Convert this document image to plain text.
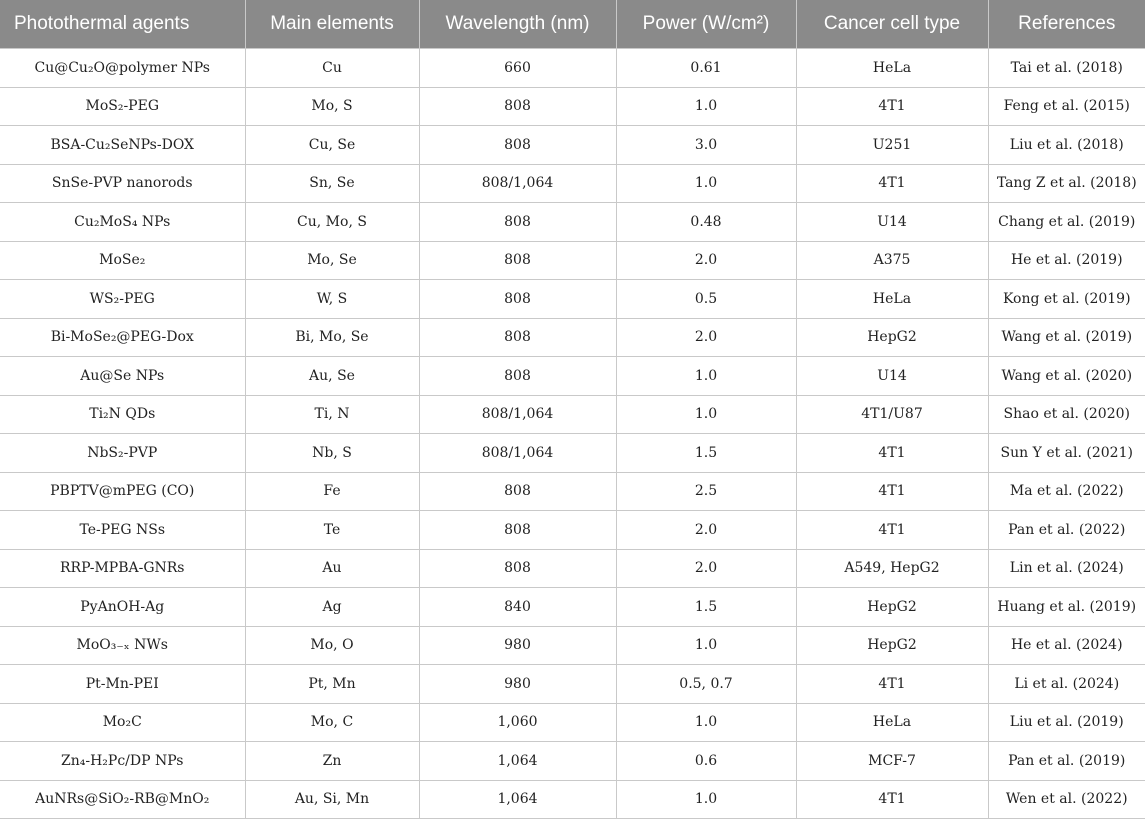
Photothermal agents	Main elements	Wavelength (nm)	Power (W/cm²)	Cancer cell type	References
Cu@Cu₂O@polymer NPs	Cu	660	0.61	HeLa	Tai et al. (2018)
MoS₂-PEG	Mo, S	808	1.0	4T1	Feng et al. (2015)
BSA-Cu₂SeNPs-DOX	Cu, Se	808	3.0	U251	Liu et al. (2018)
SnSe-PVP nanorods	Sn, Se	808/1,064	1.0	4T1	Tang Z et al. (2018)
Cu₂MoS₄ NPs	Cu, Mo, S	808	0.48	U14	Chang et al. (2019)
MoSe₂	Mo, Se	808	2.0	A375	He et al. (2019)
WS₂-PEG	W, S	808	0.5	HeLa	Kong et al. (2019)
Bi-MoSe₂@PEG-Dox	Bi, Mo, Se	808	2.0	HepG2	Wang et al. (2019)
Au@Se NPs	Au, Se	808	1.0	U14	Wang et al. (2020)
Ti₂N QDs	Ti, N	808/1,064	1.0	4T1/U87	Shao et al. (2020)
NbS₂-PVP	Nb, S	808/1,064	1.5	4T1	Sun Y et al. (2021)
PBPTV@mPEG (CO)	Fe	808	2.5	4T1	Ma et al. (2022)
Te-PEG NSs	Te	808	2.0	4T1	Pan et al. (2022)
RRP-MPBA-GNRs	Au	808	2.0	A549, HepG2	Lin et al. (2024)
PyAnOH-Ag	Ag	840	1.5	HepG2	Huang et al. (2019)
MoO₃₋ₓ NWs	Mo, O	980	1.0	HepG2	He et al. (2024)
Pt-Mn-PEI	Pt, Mn	980	0.5, 0.7	4T1	Li et al. (2024)
Mo₂C	Mo, C	1,060	1.0	HeLa	Liu et al. (2019)
Zn₄-H₂Pc/DP NPs	Zn	1,064	0.6	MCF-7	Pan et al. (2019)
AuNRs@SiO₂-RB@MnO₂	Au, Si, Mn	1,064	1.0	4T1	Wen et al. (2022)
